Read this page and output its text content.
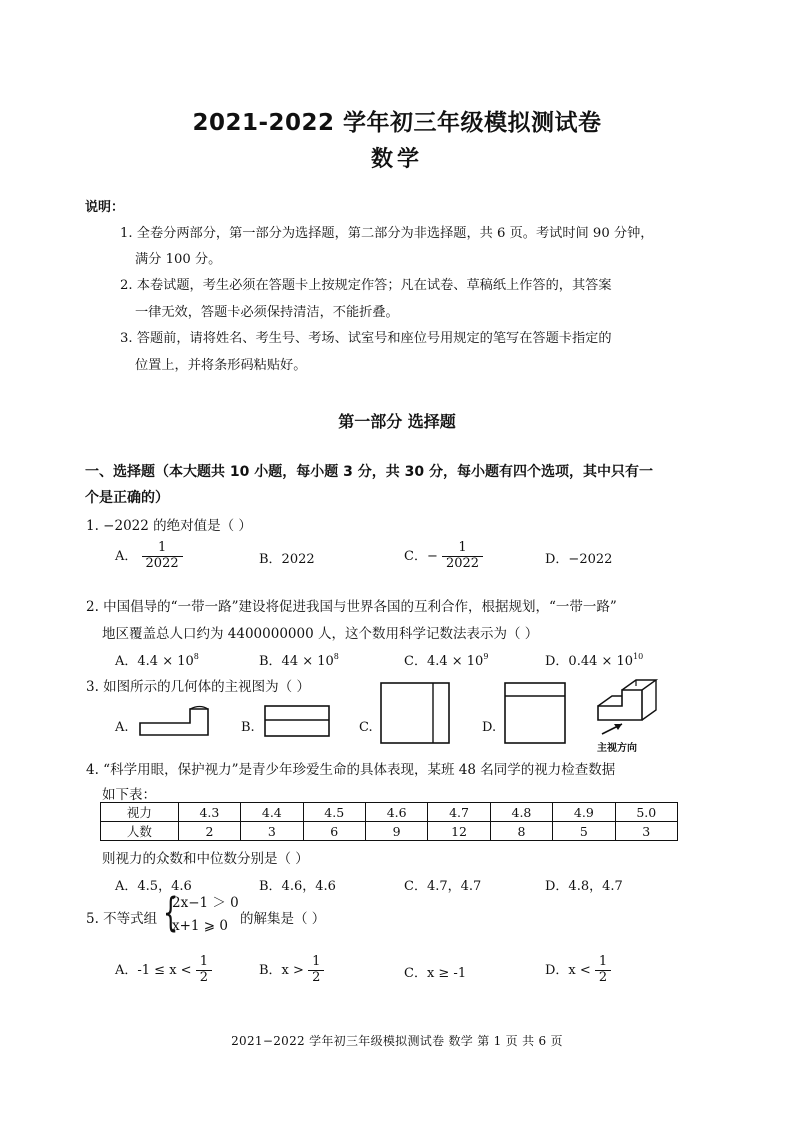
2021-2022 学年初三年级模拟测试卷
数学
说明：
1. 全卷分两部分，第一部分为选择题，第二部分为非选择题，共 6 页。考试时间 90 分钟，
满分 100 分。
2. 本卷试题，考生必须在答题卡上按规定作答；凡在试卷、草稿纸上作答的，其答案
一律无效，答题卡必须保持清洁，不能折叠。
3. 答题前，请将姓名、考生号、考场、试室号和座位号用规定的笔写在答题卡指定的
位置上，并将条形码粘贴好。
第一部分 选择题
一、选择题（本大题共 10 小题，每小题 3 分，共 30 分，每小题有四个选项，其中只有一
个是正确的）
1. −2022 的绝对值是（ ）
A． $\frac{1}{2022}$	B．2022	C．− $\frac{1}{2022}$	D．−2022
2. 中国倡导的“一带一路”建设将促进我国与世界各国的互利合作，根据规划，“一带一路”
地区覆盖总人口约为 4400000000 人，这个数用科学记数法表示为（ ）
A．$4.4 \times 10^8$	B．$44 \times 10^8$	C．$4.4 \times 10^9$	D．$0.44 \times 10^{10}$
3. 如图所示的几何体的主视图为（ ）
A.	B.	C.	D.
主视方向
4. “科学用眼，保护视力”是青少年珍爱生命的具体表现，某班 48 名同学的视力检查数据
如下表：
视力	4.3	4.4	4.5	4.6	4.7	4.8	4.9	5.0
人数	2	3	6	9	12	8	5	3
则视力的众数和中位数分别是（ ）
A．4.5，4.6	B．4.6，4.6	C．4.7，4.7	D．4.8，4.7
5. 不等式组 {
2x−1 ＞ 0
x+1 ⩾ 0 的解集是（ ）
A．$-1 \le x < \frac{1}{2}$	B．$x > \frac{1}{2}$	C．x ≥ -1	D．$x < \frac{1}{2}$
2021−2022 学年初三年级模拟测试卷 数学 第 1 页 共 6 页
